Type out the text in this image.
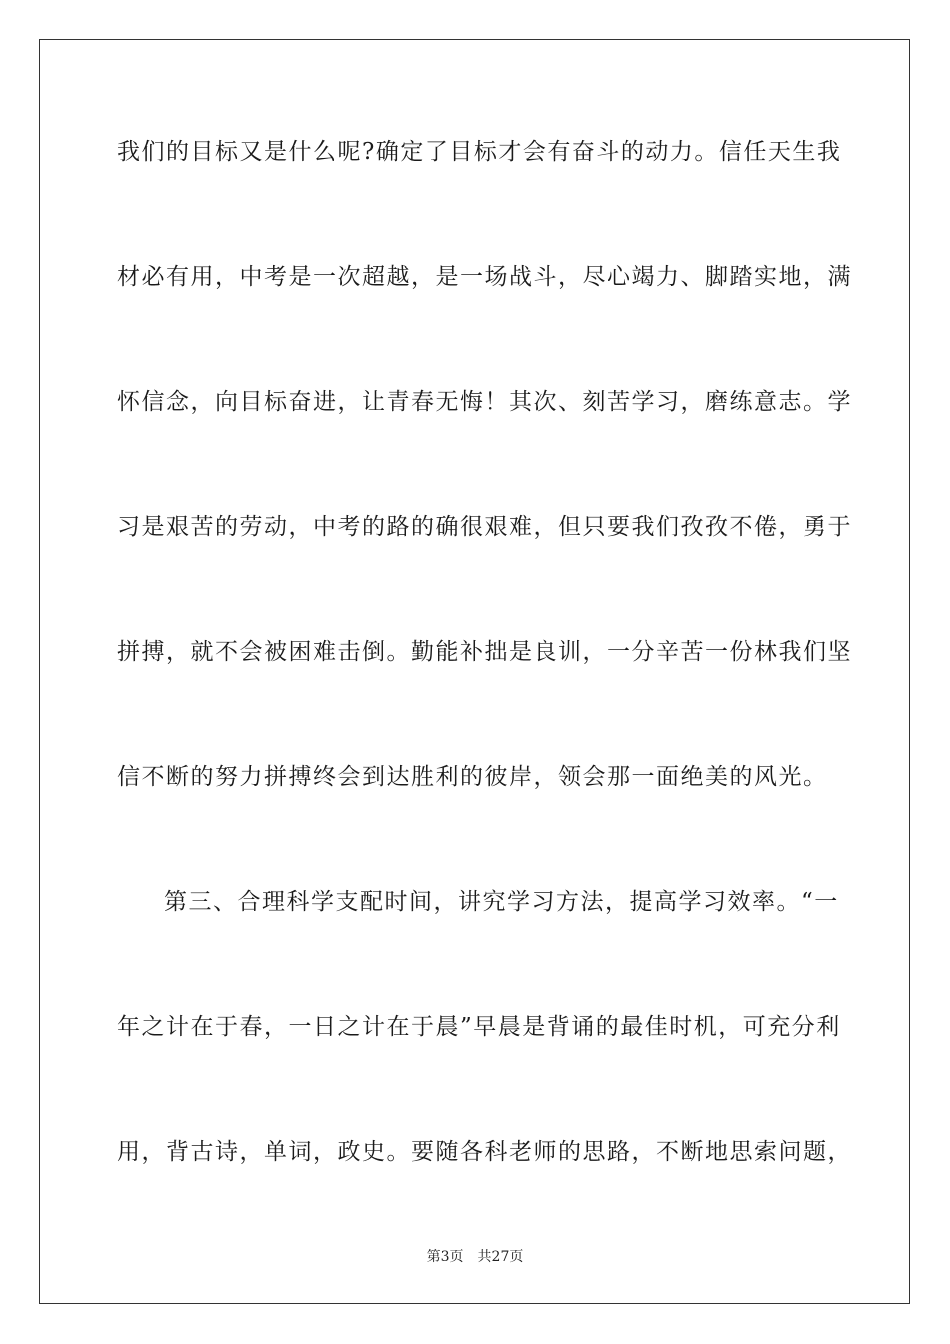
我们的目标又是什么呢?确定了目标才会有奋斗的动力。信任天生我
材必有用，中考是一次超越，是一场战斗，尽心竭力、脚踏实地，满
怀信念，向目标奋进，让青春无悔！其次、刻苦学习，磨练意志。学
习是艰苦的劳动，中考的路的确很艰难，但只要我们孜孜不倦，勇于
拼搏，就不会被困难击倒。勤能补拙是良训，一分辛苦一份林我们坚
信不断的努力拼搏终会到达胜利的彼岸，领会那一面绝美的风光。
第三、合理科学支配时间，讲究学习方法，提高学习效率。“一
年之计在于春，一日之计在于晨”早晨是背诵的最佳时机，可充分利
用，背古诗，单词，政史。要随各科老师的思路，不断地思索问题，
第3页 共27页
